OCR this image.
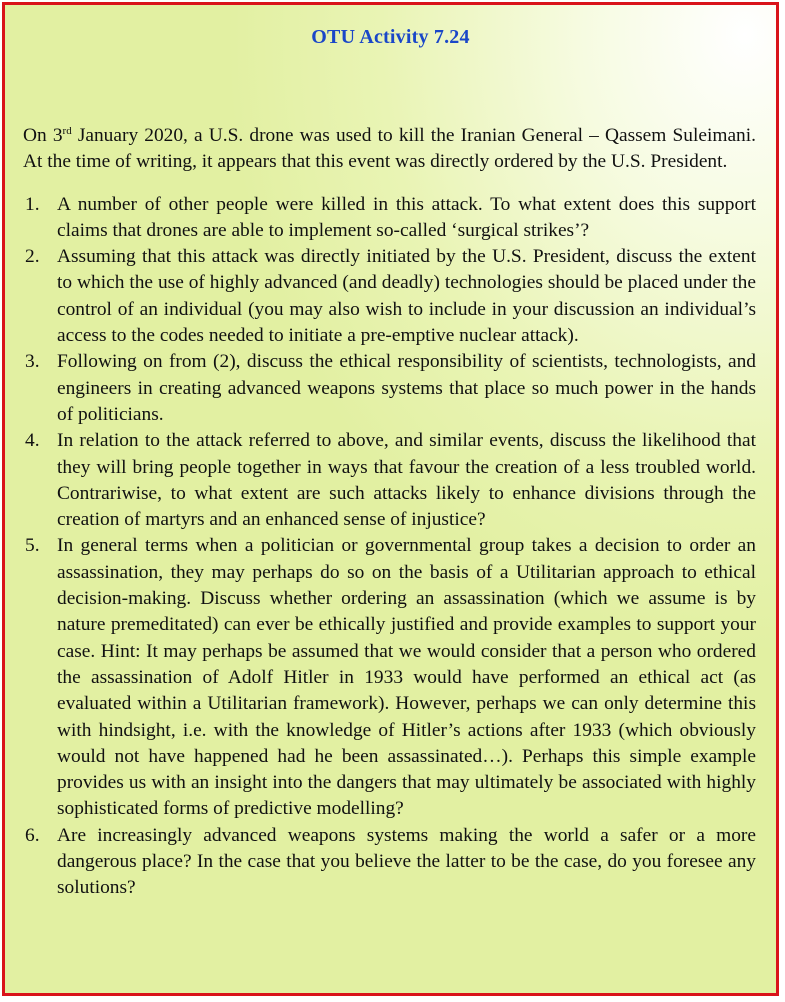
OTU Activity 7.24

On 3rd January 2020, a U.S. drone was used to kill the Iranian General – Qassem Suleimani. At the time of writing, it appears that this event was directly ordered by the U.S. President.

1. A number of other people were killed in this attack. To what extent does this support claims that drones are able to implement so-called ‘surgical strikes’?
2. Assuming that this attack was directly initiated by the U.S. President, discuss the extent to which the use of highly advanced (and deadly) technologies should be placed under the control of an individual (you may also wish to include in your discussion an individual’s access to the codes needed to initiate a pre-emptive nuclear attack).
3. Following on from (2), discuss the ethical responsibility of scientists, technologists, and engineers in creating advanced weapons systems that place so much power in the hands of politicians.
4. In relation to the attack referred to above, and similar events, discuss the likelihood that they will bring people together in ways that favour the creation of a less troubled world. Contrariwise, to what extent are such attacks likely to enhance divisions through the creation of martyrs and an enhanced sense of injustice?
5. In general terms when a politician or governmental group takes a decision to order an assassination, they may perhaps do so on the basis of a Utilitarian approach to ethical decision-making. Discuss whether ordering an assassination (which we assume is by nature premeditated) can ever be ethically justified and provide examples to support your case. Hint: It may perhaps be assumed that we would consider that a person who ordered the assassination of Adolf Hitler in 1933 would have performed an ethical act (as evaluated within a Utilitarian framework). However, perhaps we can only determine this with hindsight, i.e. with the knowledge of Hitler’s actions after 1933 (which obviously would not have happened had he been assassinated…). Perhaps this simple example provides us with an insight into the dangers that may ultimately be associated with highly sophisticated forms of predictive modelling?
6. Are increasingly advanced weapons systems making the world a safer or a more dangerous place? In the case that you believe the latter to be the case, do you foresee any solutions?
